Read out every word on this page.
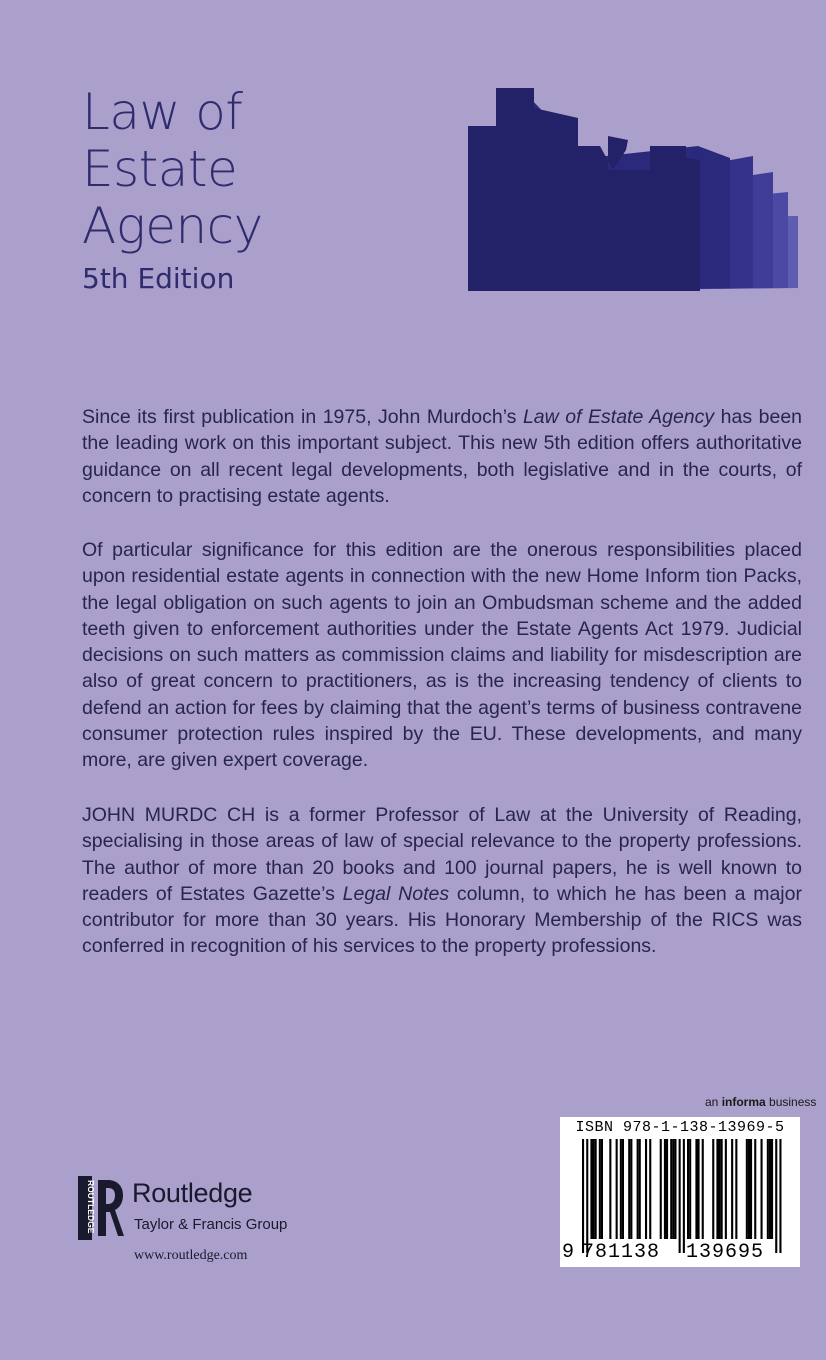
Law of
Estate
Agency
5th Edition
Since its first publication in 1975, John Murdoch’s Law of Estate Agency has been the leading work on this important subject. This new 5th edition offers authoritative guidance on all recent legal developments, both legislative and in the courts, of concern to practising estate agents.
Of particular significance for this edition are the onerous responsibilities placed upon residential estate agents in connection with the new Home Inform tion Packs, the legal obligation on such agents to join an Ombudsman scheme and the added teeth given to enforcement authorities under the Estate Agents Act 1979. Judicial decisions on such matters as commission claims and liability for misdescription are also of great concern to practitioners, as is the increasing tendency of clients to defend an action for fees by claiming that the agent’s terms of business contravene consumer protection rules inspired by the EU. These developments, and many more, are given expert coverage.
JOHN MURDC CH is a former Professor of Law at the University of Reading, specialising in those areas of law of special relevance to the property professions. The author of more than 20 books and 100 journal papers, he is well known to readers of Estates Gazette’s Legal Notes column, to which he has been a major contributor for more than 30 years. His Honorary Membership of the RICS was conferred in recognition of his services to the property professions.
an informa business
ISBN 978-1-138-13969-5
9 781138 139695
ROUTLEDGE Routledge
Taylor & Francis Group
www.routledge.com
